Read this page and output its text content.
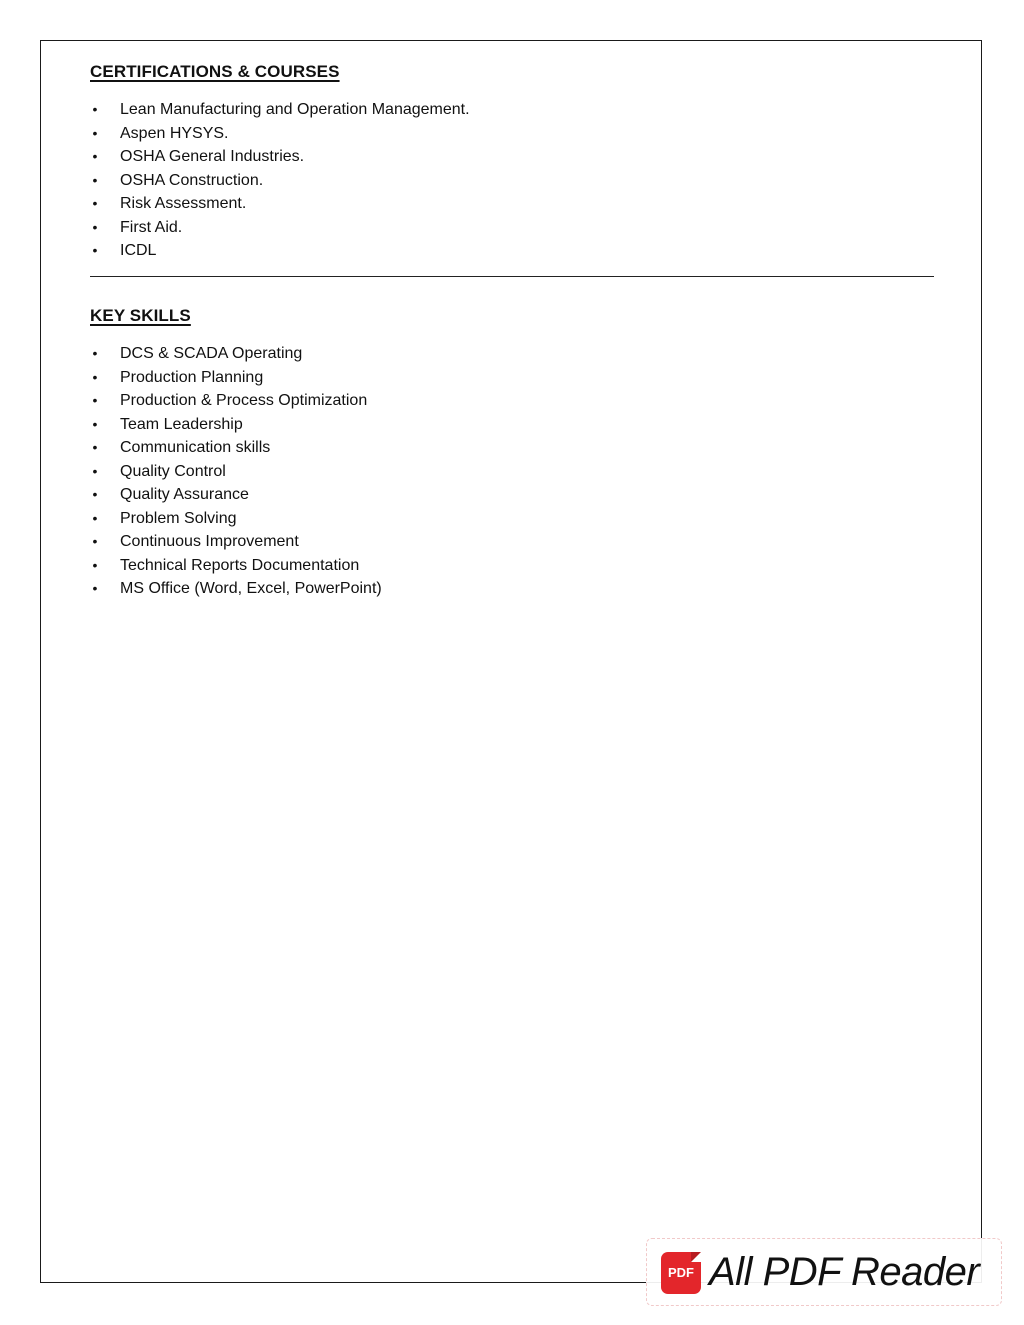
CERTIFICATIONS & COURSES
• Lean Manufacturing and Operation Management.
• Aspen HYSYS.
• OSHA General Industries.
• OSHA Construction.
• Risk Assessment.
• First Aid.
• ICDL
KEY SKILLS
• DCS & SCADA Operating
• Production Planning
• Production & Process Optimization
• Team Leadership
• Communication skills
• Quality Control
• Quality Assurance
• Problem Solving
• Continuous Improvement
• Technical Reports Documentation
• MS Office (Word, Excel, PowerPoint)
PDF All PDF Reader
